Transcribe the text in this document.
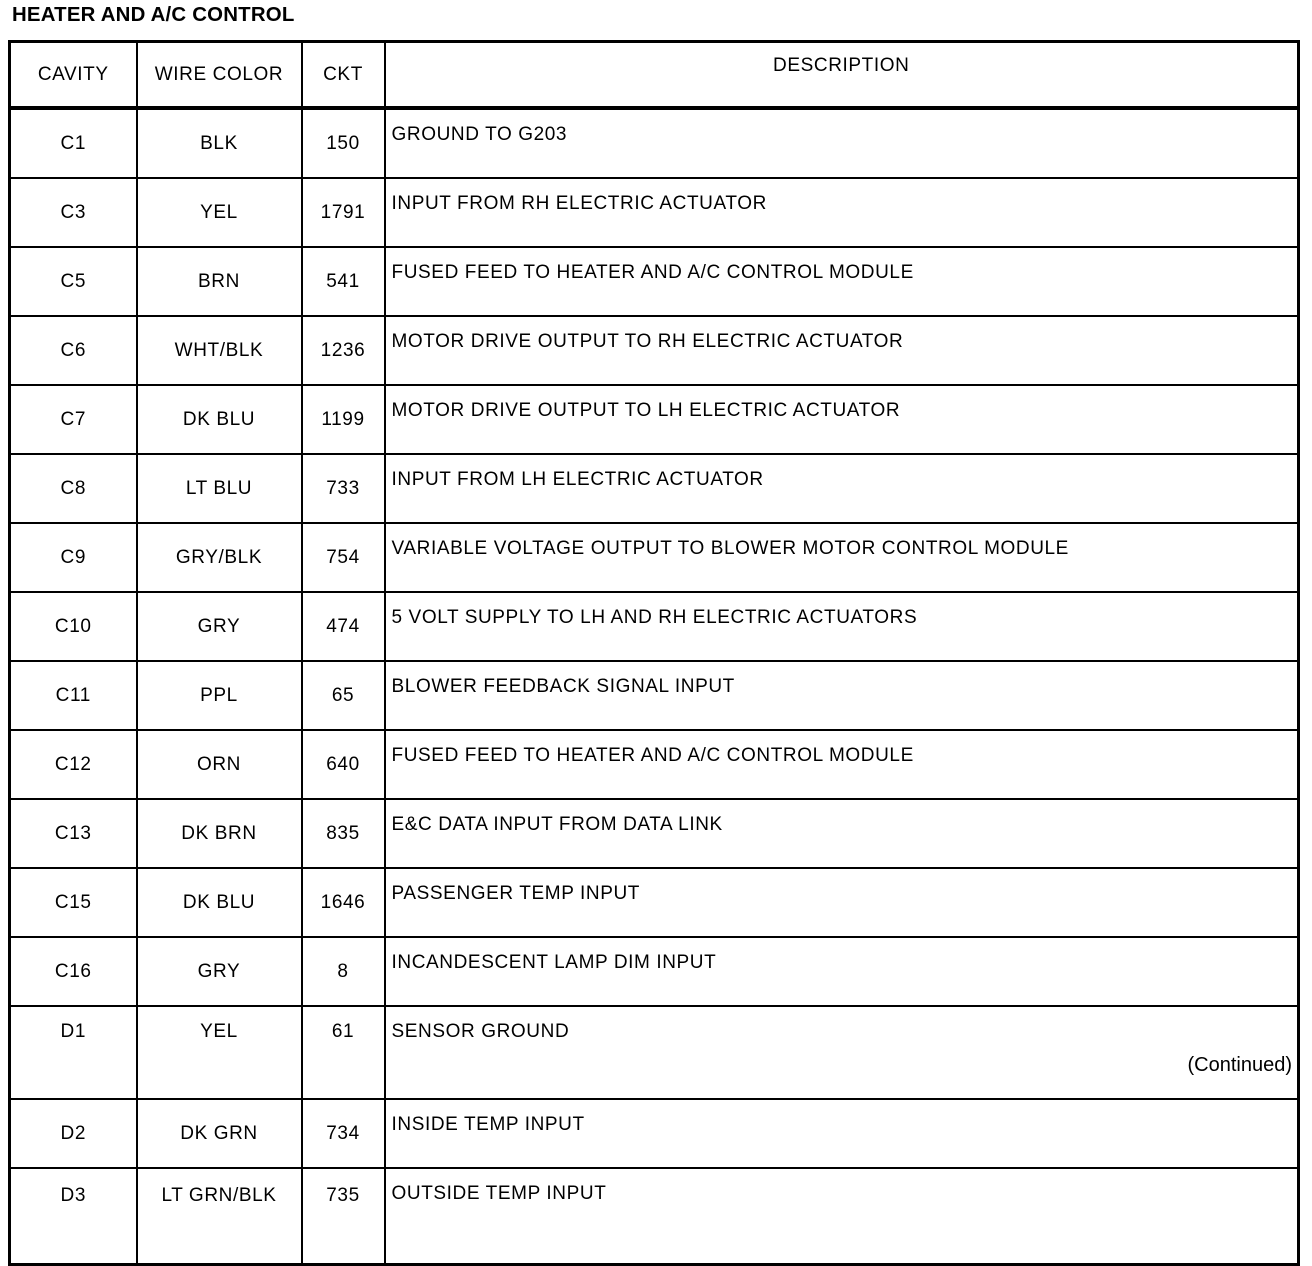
HEATER AND A/C CONTROL
CAVITY	WIRE COLOR	CKT	DESCRIPTION
C1	BLK	150	GROUND TO G203
C3	YEL	1791	INPUT FROM RH ELECTRIC ACTUATOR
C5	BRN	541	FUSED FEED TO HEATER AND A/C CONTROL MODULE
C6	WHT/BLK	1236	MOTOR DRIVE OUTPUT TO RH ELECTRIC ACTUATOR
C7	DK BLU	1199	MOTOR DRIVE OUTPUT TO LH ELECTRIC ACTUATOR
C8	LT BLU	733	INPUT FROM LH ELECTRIC ACTUATOR
C9	GRY/BLK	754	VARIABLE VOLTAGE OUTPUT TO BLOWER MOTOR CONTROL MODULE
C10	GRY	474	5 VOLT SUPPLY TO LH AND RH ELECTRIC ACTUATORS
C11	PPL	65	BLOWER FEEDBACK SIGNAL INPUT
C12	ORN	640	FUSED FEED TO HEATER AND A/C CONTROL MODULE
C13	DK BRN	835	E&C DATA INPUT FROM DATA LINK
C15	DK BLU	1646	PASSENGER TEMP INPUT
C16	GRY	8	INCANDESCENT LAMP DIM INPUT
D1	YEL	61	SENSOR GROUND
D2	DK GRN	734	INSIDE TEMP INPUT
D3	LT GRN/BLK	735	OUTSIDE TEMP INPUT
(Continued)
